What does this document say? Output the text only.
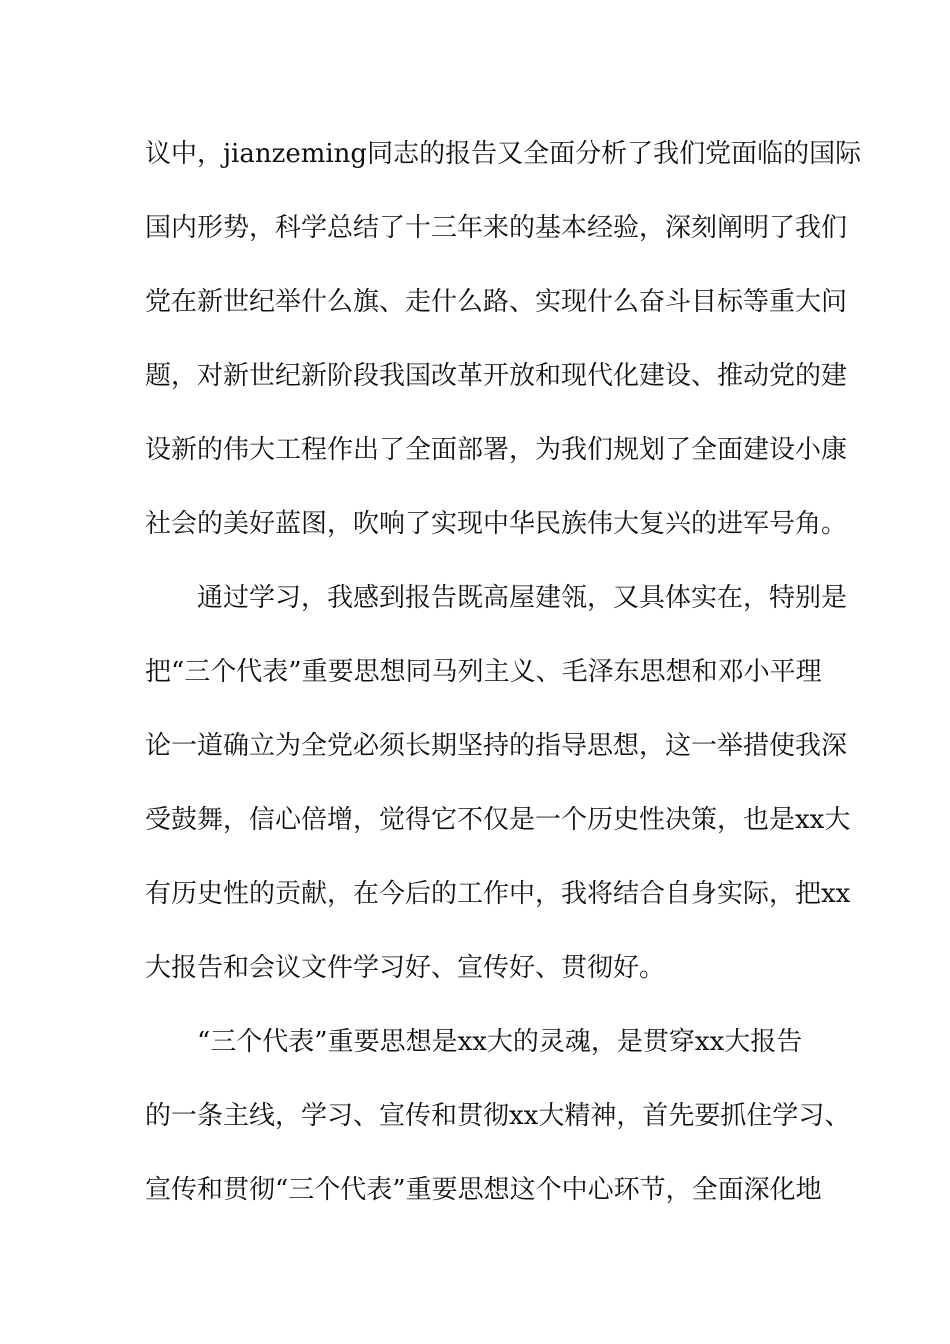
议中，jianzeming同志的报告又全面分析了我们党面临的国际
国内形势，科学总结了十三年来的基本经验，深刻阐明了我们
党在新世纪举什么旗、走什么路、实现什么奋斗目标等重大问
题，对新世纪新阶段我国改革开放和现代化建设、推动党的建
设新的伟大工程作出了全面部署，为我们规划了全面建设小康
社会的美好蓝图，吹响了实现中华民族伟大复兴的进军号角。
通过学习，我感到报告既高屋建瓴，又具体实在，特别是
把“三个代表”重要思想同马列主义、毛泽东思想和邓小平理
论一道确立为全党必须长期坚持的指导思想，这一举措使我深
受鼓舞，信心倍增，觉得它不仅是一个历史性决策，也是xx大
有历史性的贡献，在今后的工作中，我将结合自身实际，把xx
大报告和会议文件学习好、宣传好、贯彻好。
“三个代表”重要思想是xx大的灵魂，是贯穿xx大报告
的一条主线，学习、宣传和贯彻xx大精神，首先要抓住学习、
宣传和贯彻“三个代表”重要思想这个中心环节，全面深化地
